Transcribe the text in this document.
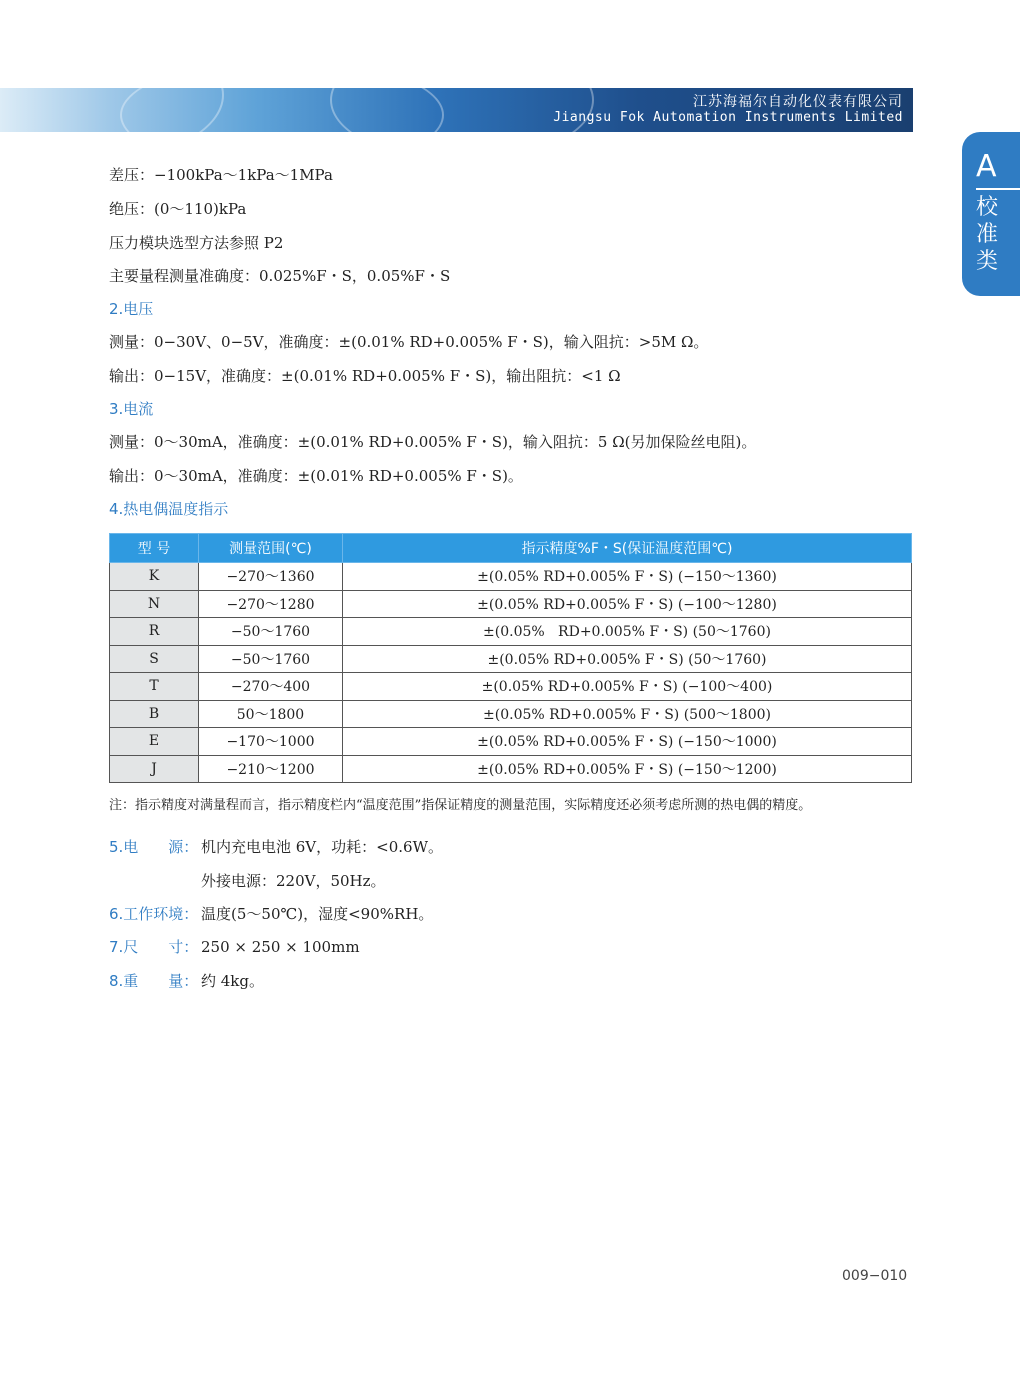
江苏海福尔自动化仪表有限公司
Jiangsu Fok Automation Instruments Limited
A
校准类
差压：−100kPa～1kPa～1MPa
绝压：(0～110)kPa
压力模块选型方法参照 P2
主要量程测量准确度：0.025%F・S，0.05%F・S
2.电压
测量：0−30V、0−5V，准确度：±(0.01% RD+0.005% F・S)，输入阻抗：>5M Ω。
输出：0−15V，准确度：±(0.01% RD+0.005% F・S)，输出阻抗：<1 Ω
3.电流
测量：0～30mA，准确度：±(0.01% RD+0.005% F・S)，输入阻抗：5 Ω(另加保险丝电阻)。
输出：0～30mA，准确度：±(0.01% RD+0.005% F・S)。
4.热电偶温度指示
型 号	测量范围(℃)	指示精度%F・S(保证温度范围℃)
K	−270～1360	±(0.05% RD+0.005% F・S) (−150～1360)
N	−270～1280	±(0.05% RD+0.005% F・S) (−100～1280)
R	−50～1760	±(0.05%   RD+0.005% F・S) (50～1760)
S	−50～1760	±(0.05% RD+0.005% F・S) (50～1760)
T	−270～400	±(0.05% RD+0.005% F・S) (−100～400)
B	50～1800	±(0.05% RD+0.005% F・S) (500～1800)
E	−170～1000	±(0.05% RD+0.005% F・S) (−150～1000)
J	−210～1200	±(0.05% RD+0.005% F・S) (−150～1200)
注：指示精度对满量程而言，指示精度栏内“温度范围”指保证精度的测量范围，实际精度还必须考虑所测的热电偶的精度。
5.电　　源： 机内充电电池 6V，功耗：<0.6W。
外接电源：220V，50Hz。
6.工作环境： 温度(5～50℃)，湿度<90%RH。
7.尺　　寸： 250 × 250 × 100mm
8.重　　量： 约 4kg。
009−010
